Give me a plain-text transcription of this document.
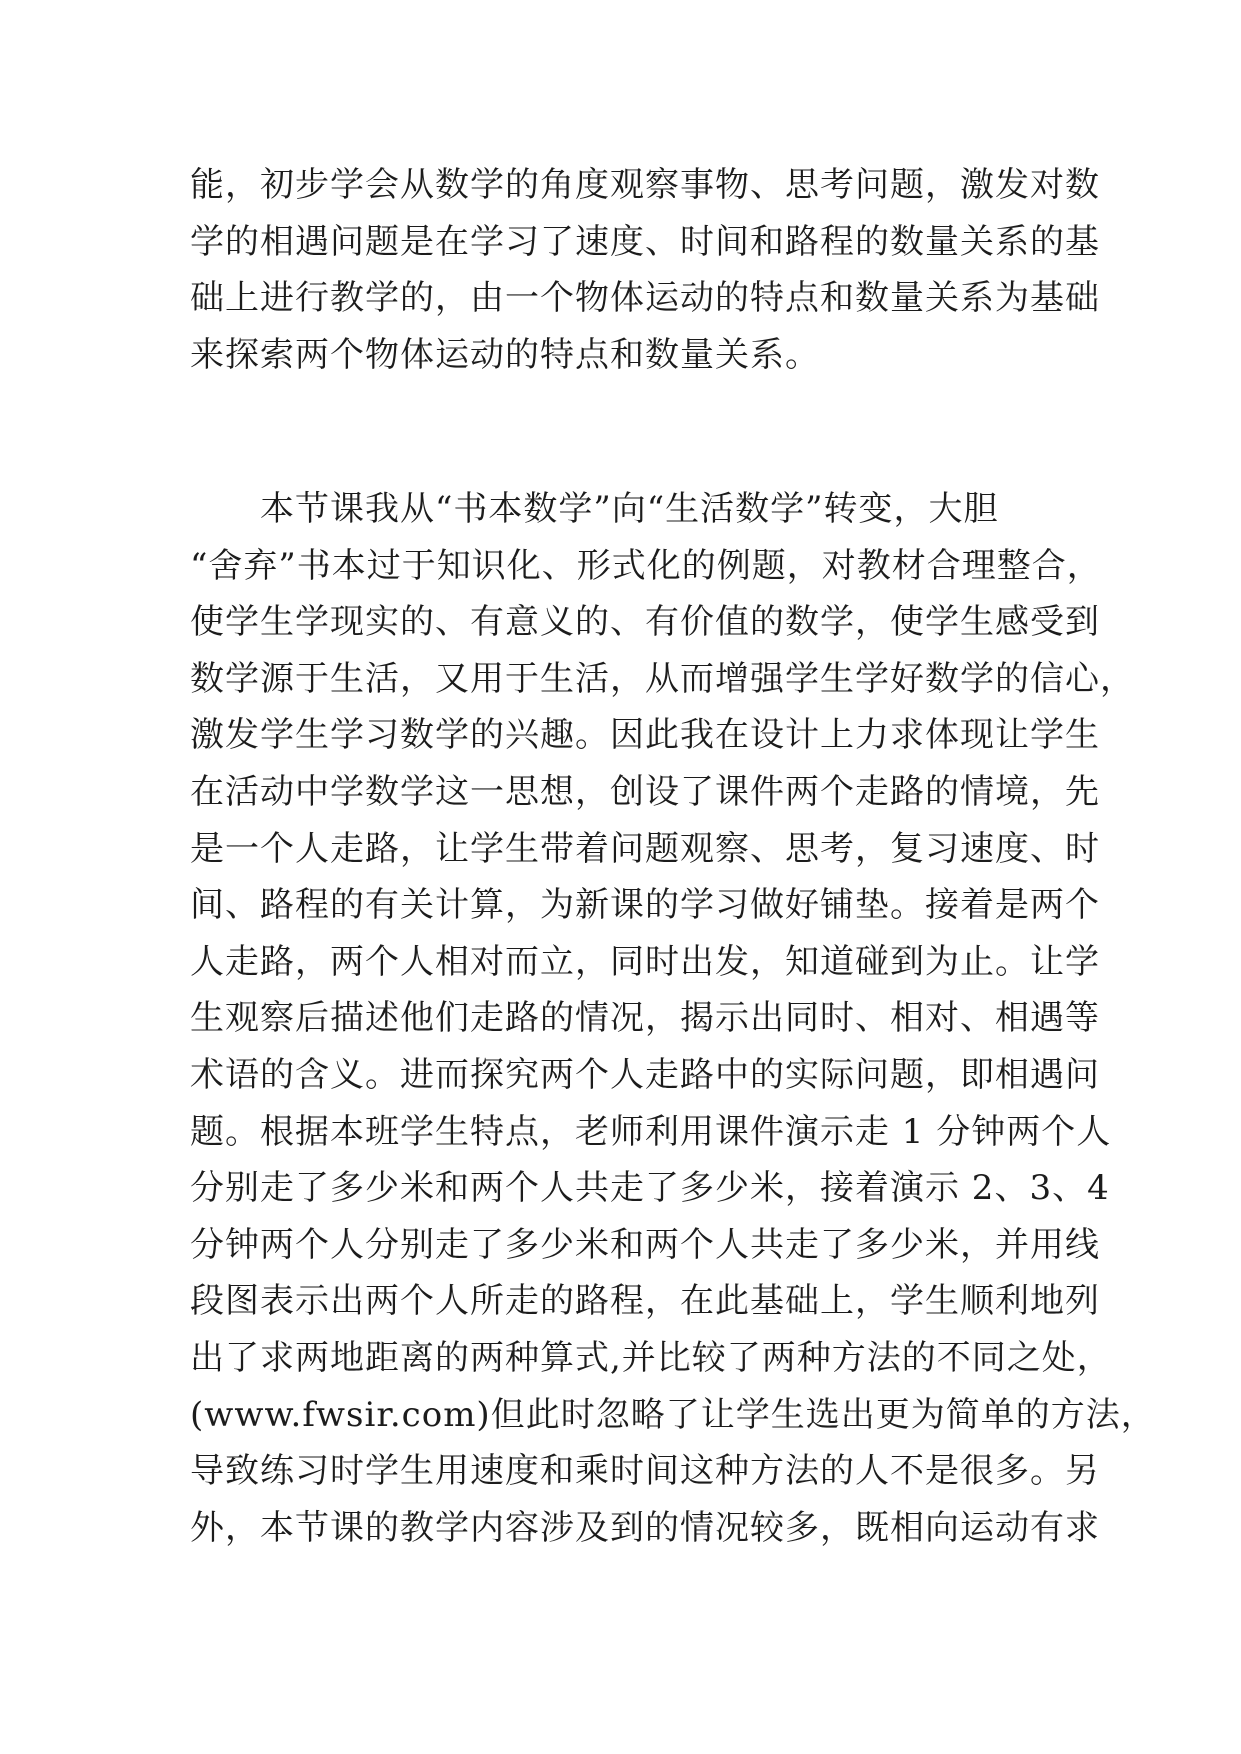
能，初步学会从数学的角度观察事物、思考问题，激发对数
学的相遇问题是在学习了速度、时间和路程的数量关系的基
础上进行教学的，由一个物体运动的特点和数量关系为基础
来探索两个物体运动的特点和数量关系。
　　本节课我从“书本数学”向“生活数学”转变，大胆
“舍弃”书本过于知识化、形式化的例题，对教材合理整合，
使学生学现实的、有意义的、有价值的数学，使学生感受到
数学源于生活，又用于生活，从而增强学生学好数学的信心，
激发学生学习数学的兴趣。因此我在设计上力求体现让学生
在活动中学数学这一思想，创设了课件两个走路的情境，先
是一个人走路，让学生带着问题观察、思考，复习速度、时
间、路程的有关计算，为新课的学习做好铺垫。接着是两个
人走路，两个人相对而立，同时出发，知道碰到为止。让学
生观察后描述他们走路的情况，揭示出同时、相对、相遇等
术语的含义。进而探究两个人走路中的实际问题，即相遇问
题。根据本班学生特点，老师利用课件演示走 1 分钟两个人
分别走了多少米和两个人共走了多少米，接着演示 2、3、4
分钟两个人分别走了多少米和两个人共走了多少米，并用线
段图表示出两个人所走的路程，在此基础上，学生顺利地列
出了求两地距离的两种算式,并比较了两种方法的不同之处，
(www.fwsir.com)但此时忽略了让学生选出更为简单的方法，
导致练习时学生用速度和乘时间这种方法的人不是很多。另
外，本节课的教学内容涉及到的情况较多，既相向运动有求
